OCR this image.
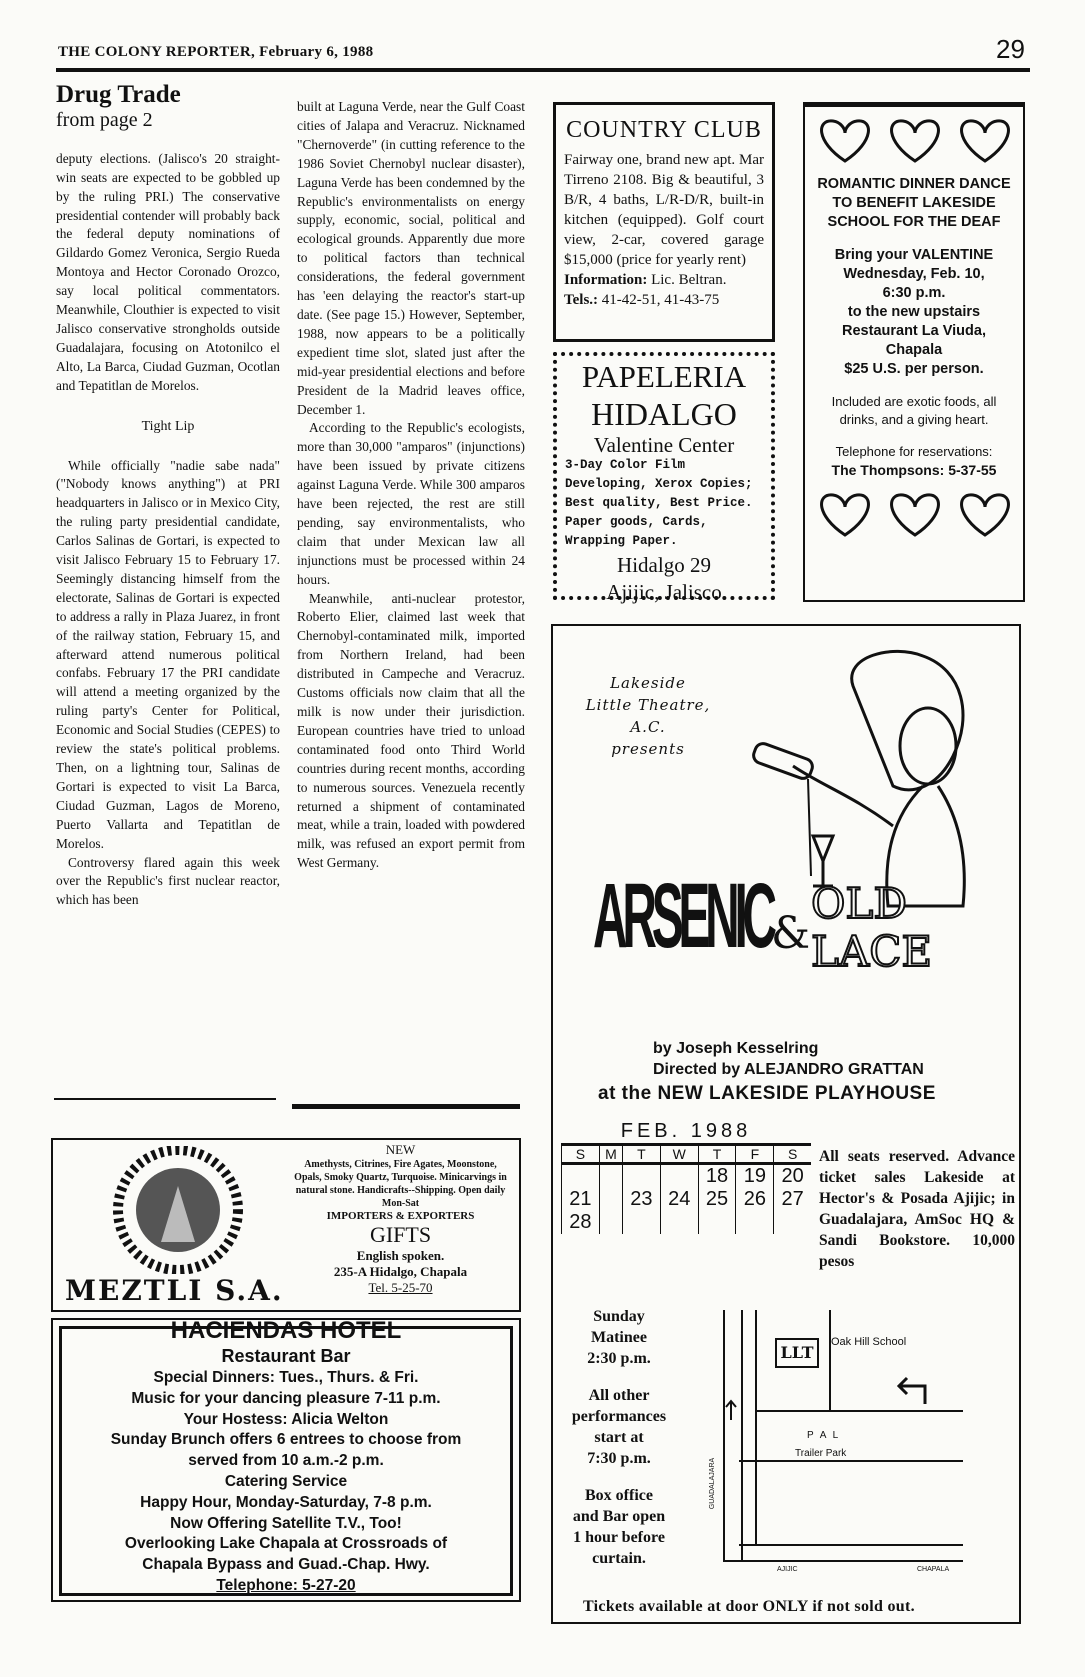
THE COLONY REPORTER, February 6, 1988	29
Drug Trade
from page 2

deputy elections. (Jalisco's 20 straight-win seats are expected to be gobbled up by the ruling PRI.) The conservative presidential contender will probably back the federal deputy nominations of Gildardo Gomez Veronica, Sergio Rueda Montoya and Hector Coronado Orozco, say local political commentators. Meanwhile, Clouthier is expected to visit Jalisco conservative strongholds outside Guadalajara, focusing on Atotonilco el Alto, La Barca, Ciudad Guzman, Ocotlan and Tepatitlan de Morelos.

Tight Lip

While officially "nadie sabe nada" ("Nobody knows anything") at PRI headquarters in Jalisco or in Mexico City, the ruling party presidential candidate, Carlos Salinas de Gortari, is expected to visit Jalisco February 15 to February 17. Seemingly distancing himself from the electorate, Salinas de Gortari is expected to address a rally in Plaza Juarez, in front of the railway station, February 15, and afterward attend numerous political confabs. February 17 the PRI candidate will attend a meeting organized by the ruling party's Center for Political, Economic and Social Studies (CEPES) to review the state's political problems. Then, on a lightning tour, Salinas de Gortari is expected to visit La Barca, Ciudad Guzman, Lagos de Moreno, Puerto Vallarta and Tepatitlan de Morelos.

Controversy flared again this week over the Republic's first nuclear reactor, which has been

built at Laguna Verde, near the Gulf Coast cities of Jalapa and Veracruz. Nicknamed "Chernoverde" (in cutting reference to the 1986 Soviet Chernobyl nuclear disaster), Laguna Verde has been condemned by the Republic's environmentalists on energy supply, economic, social, political and ecological grounds. Apparently due more to political factors than technical considerations, the federal government has 'een delaying the reactor's start-up date. (See page 15.) However, September, 1988, now appears to be a politically expedient time slot, slated just after the mid-year presidential elections and before President de la Madrid leaves office, December 1.

According to the Republic's ecologists, more than 30,000 "amparos" (injunctions) have been issued by private citizens against Laguna Verde. While 300 amparos have been rejected, the rest are still pending, say environmentalists, who claim that under Mexican law all injunctions must be processed within 24 hours.

Meanwhile, anti-nuclear protestor, Roberto Elier, claimed last week that Chernobyl-contaminated milk, imported from Northern Ireland, had been distributed in Campeche and Veracruz. Customs officials now claim that all the milk is now under their jurisdiction. European countries have tried to unload contaminated food onto Third World countries during recent months, according to numerous sources. Venezuela recently returned a shipment of contaminated meat, while a train, loaded with powdered milk, was refused an export permit from West Germany.

COUNTRY CLUB
Fairway one, brand new apt. Mar Tirreno 2108. Big & beautiful, 3 B/R, 4 baths, L/R-D/R, built-in kitchen (equipped). Golf court view, 2-car, covered garage $15,000 (price for yearly rent)
Information: Lic. Beltran.
Tels.: 41-42-51, 41-43-75
PAPELERIA
HIDALGO
Valentine Center
3-Day Color Film Developing, Xerox Copies; Best quality, Best Price. Paper goods, Cards, Wrapping Paper.
Hidalgo 29
Ajijic, Jalisco
ROMANTIC DINNER DANCE TO BENEFIT LAKESIDE SCHOOL FOR THE DEAF
Bring your VALENTINE
Wednesday, Feb. 10,
6:30 p.m.
to the new upstairs
Restaurant La Viuda,
Chapala
$25 U.S. per person.
Included are exotic foods, all drinks, and a giving heart.
Telephone for reservations:
The Thompsons: 5-37-55
Lakeside
Little Theatre,
A.C.
presents
ARSENIC &
OLD LACE
by Joseph Kesselring
Directed by ALEJANDRO GRATTAN
at the NEW LAKESIDE PLAYHOUSE
FEB. 1988
S	M	T	W	T	F	S
				18	19	20
21		23	24	25	26	27
28						
All seats reserved. Advance ticket sales Lakeside at Hector's & Posada Ajijic; in Guadalajara, AmSoc HQ & Sandi Bookstore. 10,000 pesos
Sunday
Matinee
2:30 p.m.
All other
performances
start at
7:30 p.m.
Box office
and Bar open
1 hour before
curtain.
LLT
Oak Hill School
P A L
Trailer Park
GUADALAJARA
AJIJIC	CHAPALA
Tickets available at door ONLY if not sold out.
MEZTLI S.A.
NEW
Amethysts, Citrines, Fire Agates, Moonstone, Opals, Smoky Quartz, Turquoise. Minicarvings in natural stone. Handicrafts--Shipping. Open daily Mon-Sat
IMPORTERS & EXPORTERS
GIFTS
English spoken.
235-A Hidalgo, Chapala
Tel. 5-25-70
HACIENDAS HOTEL
Restaurant Bar
Special Dinners: Tues., Thurs. & Fri.
Music for your dancing pleasure 7-11 p.m.
Your Hostess: Alicia Welton
Sunday Brunch offers 6 entrees to choose from
served from 10 a.m.-2 p.m.
Catering Service
Happy Hour, Monday-Saturday, 7-8 p.m.
Now Offering Satellite T.V., Too!
Overlooking Lake Chapala at Crossroads of
Chapala Bypass and Guad.-Chap. Hwy.
Telephone: 5-27-20
